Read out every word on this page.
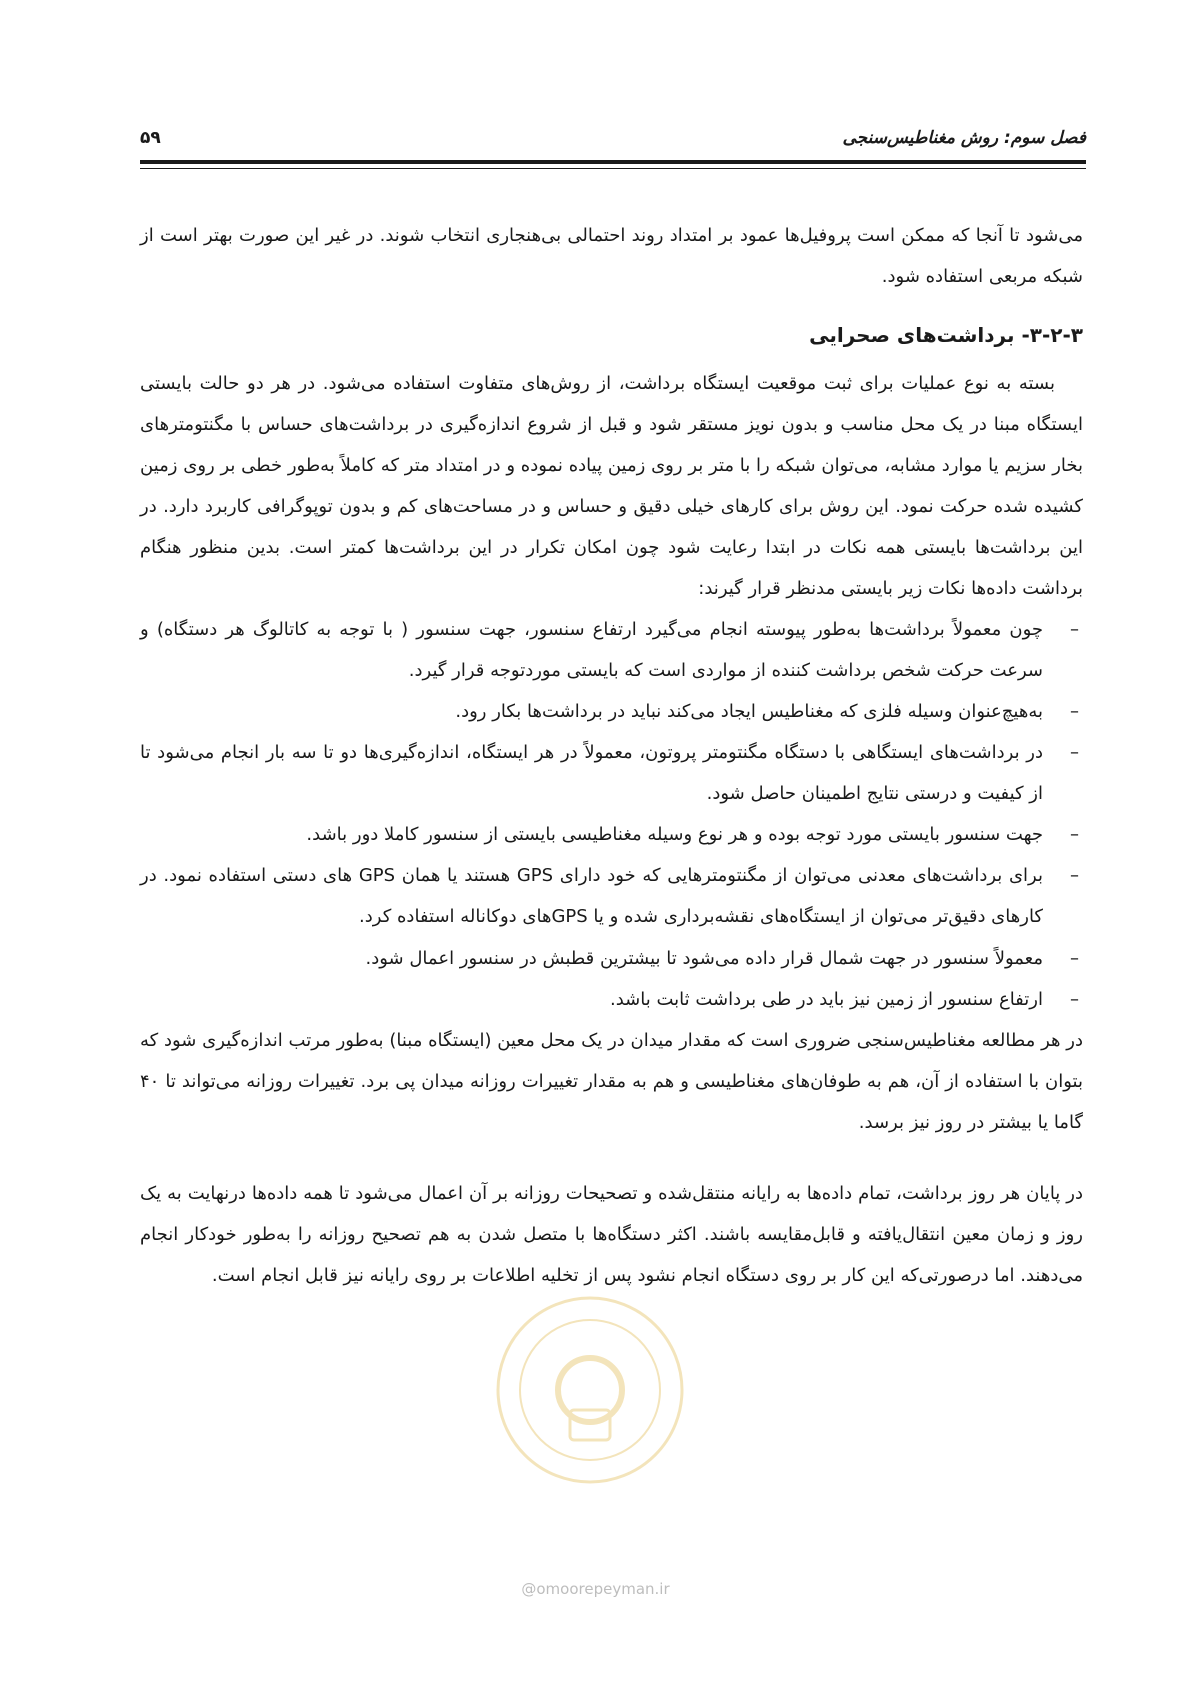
فصل سوم: روش مغناطیس‌سنجی
۵۹

می‌شود تا آنجا که ممکن است پروفیل‌ها عمود بر امتداد روند احتمالی بی‌هنجاری انتخاب شوند. در غیر این صورت بهتر است از شبکه مربعی استفاده شود.

۳-۲-۳- برداشت‌های صحرایی

بسته به نوع عملیات برای ثبت موقعیت ایستگاه برداشت، از روش‌های متفاوت استفاده می‌شود. در هر دو حالت بایستی ایستگاه مبنا در یک محل مناسب و بدون نویز مستقر شود و قبل از شروع اندازه‌گیری در برداشت‌های حساس با مگنتومترهای بخار سزیم یا موارد مشابه، می‌توان شبکه را با متر بر روی زمین پیاده نموده و در امتداد متر که کاملاً به‌طور خطی بر روی زمین کشیده شده حرکت نمود. این روش برای کارهای خیلی دقیق و حساس و در مساحت‌های کم و بدون توپوگرافی کاربرد دارد. در این برداشت‌ها بایستی همه نکات در ابتدا رعایت شود چون امکان تکرار در این برداشت‌ها کمتر است. بدین منظور هنگام برداشت داده‌ها نکات زیر بایستی مدنظر قرار گیرند:

–
چون معمولاً برداشت‌ها به‌طور پیوسته انجام می‌گیرد ارتفاع سنسور، جهت سنسور ( با توجه به کاتالوگ هر دستگاه) و سرعت حرکت شخص برداشت کننده از مواردی است که بایستی موردتوجه قرار گیرد.
–
به‌هیچ‌عنوان وسیله فلزی که مغناطیس ایجاد می‌کند نباید در برداشت‌ها بکار رود.
–
در برداشت‌های ایستگاهی با دستگاه مگنتومتر پروتون، معمولاً در هر ایستگاه، اندازه‌گیری‌ها دو تا سه بار انجام می‌شود تا از کیفیت و درستی نتایج اطمینان حاصل شود.
–
جهت سنسور بایستی مورد توجه بوده و هر نوع وسیله مغناطیسی بایستی از سنسور کاملا دور باشد.
–
برای برداشت‌های معدنی می‌توان از مگنتومترهایی که خود دارای GPS هستند یا همان GPS های دستی استفاده نمود. در کارهای دقیق‌تر می‌توان از ایستگاه‌های نقشه‌برداری شده و یا GPSهای دوکاناله استفاده کرد.
–
معمولاً سنسور در جهت شمال قرار داده می‌شود تا بیشترین قطبش در سنسور اعمال شود.
–
ارتفاع سنسور از زمین نیز باید در طی برداشت ثابت باشد.

در هر مطالعه مغناطیس‌سنجی ضروری است که مقدار میدان در یک محل معین (ایستگاه مبنا) به‌طور مرتب اندازه‌گیری شود که بتوان با استفاده از آن، هم به طوفان‌های مغناطیسی و هم به مقدار تغییرات روزانه میدان پی برد. تغییرات روزانه می‌تواند تا ۴۰ گاما یا بیشتر در روز نیز برسد.

در پایان هر روز برداشت، تمام داده‌ها به رایانه منتقل‌شده و تصحیحات روزانه بر آن اعمال می‌شود تا همه داده‌ها درنهایت به یک روز و زمان معین انتقال‌یافته و قابل‌مقایسه باشند. اکثر دستگاه‌ها با متصل شدن به هم تصحیح روزانه را به‌طور خودکار انجام می‌دهند. اما درصورتی‌که این کار بر روی دستگاه انجام نشود پس از تخلیه اطلاعات بر روی رایانه نیز قابل انجام است.

@omoorepeyman.ir
